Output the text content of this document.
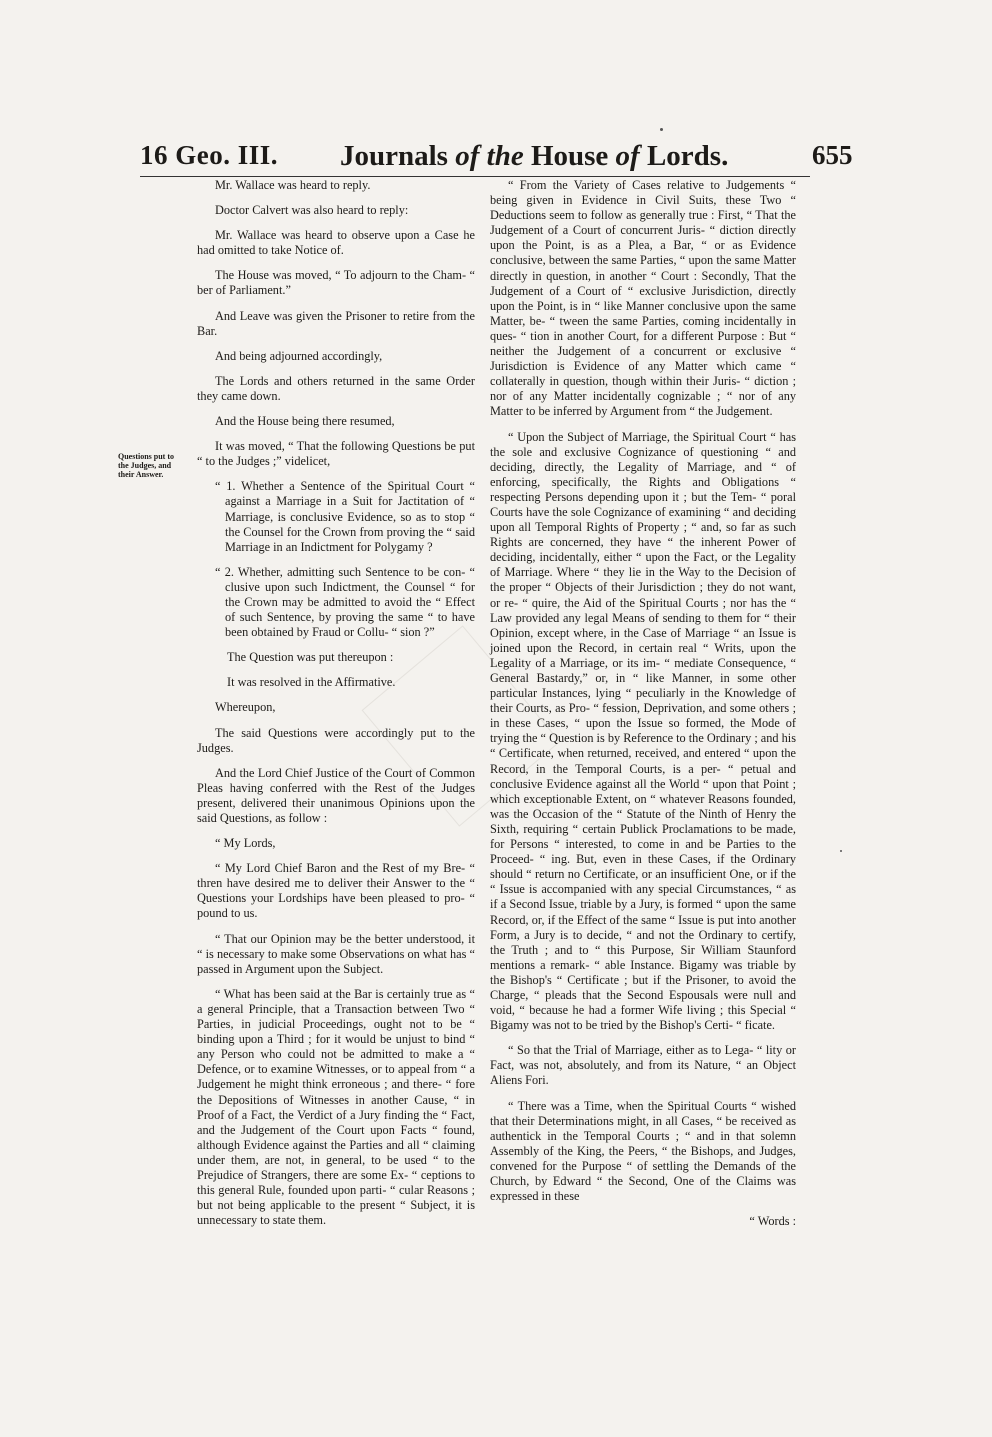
16 Geo. III. Journals of the House of Lords.	655
Questions put to the Judges, and their Answer.

Mr. Wallace was heard to reply.

Doctor Calvert was also heard to reply:

Mr. Wallace was heard to observe upon a Case he had omitted to take Notice of.

The House was moved, “ To adjourn to the Cham- “ ber of Parliament.”

And Leave was given the Prisoner to retire from the Bar.

And being adjourned accordingly,

The Lords and others returned in the same Order they came down.

And the House being there resumed,

It was moved, “ That the following Questions be put “ to the Judges ;” videlicet,

“ 1. Whether a Sentence of the Spiritual Court “ against a Marriage in a Suit for Jactitation of “ Marriage, is conclusive Evidence, so as to stop “ the Counsel for the Crown from proving the “ said Marriage in an Indictment for Polygamy ?

“ 2. Whether, admitting such Sentence to be con- “ clusive upon such Indictment, the Counsel “ for the Crown may be admitted to avoid the “ Effect of such Sentence, by proving the same “ to have been obtained by Fraud or Collu- “ sion ?”

The Question was put thereupon :

It was resolved in the Affirmative.

Whereupon,

The said Questions were accordingly put to the Judges.

And the Lord Chief Justice of the Court of Common Pleas having conferred with the Rest of the Judges present, delivered their unanimous Opinions upon the said Questions, as follow :

“ My Lords,

“ My Lord Chief Baron and the Rest of my Bre- “ thren have desired me to deliver their Answer to the “ Questions your Lordships have been pleased to pro- “ pound to us.

“ That our Opinion may be the better understood, it “ is necessary to make some Observations on what has “ passed in Argument upon the Subject.

“ What has been said at the Bar is certainly true as “ a general Principle, that a Transaction between Two “ Parties, in judicial Proceedings, ought not to be “ binding upon a Third ; for it would be unjust to bind “ any Person who could not be admitted to make a “ Defence, or to examine Witnesses, or to appeal from “ a Judgement he might think erroneous ; and there- “ fore the Depositions of Witnesses in another Cause, “ in Proof of a Fact, the Verdict of a Jury finding the “ Fact, and the Judgement of the Court upon Facts “ found, although Evidence against the Parties and all “ claiming under them, are not, in general, to be used “ to the Prejudice of Strangers, there are some Ex- “ ceptions to this general Rule, founded upon parti- “ cular Reasons ; but not being applicable to the present “ Subject, it is unnecessary to state them.

“ From the Variety of Cases relative to Judgements “ being given in Evidence in Civil Suits, these Two “ Deductions seem to follow as generally true : First, “ That the Judgement of a Court of concurrent Juris- “ diction directly upon the Point, is as a Plea, a Bar, “ or as Evidence conclusive, between the same Parties, “ upon the same Matter directly in question, in another “ Court : Secondly, That the Judgement of a Court of “ exclusive Jurisdiction, directly upon the Point, is in “ like Manner conclusive upon the same Matter, be- “ tween the same Parties, coming incidentally in ques- “ tion in another Court, for a different Purpose : But “ neither the Judgement of a concurrent or exclusive “ Jurisdiction is Evidence of any Matter which came “ collaterally in question, though within their Juris- “ diction ; nor of any Matter incidentally cognizable ; “ nor of any Matter to be inferred by Argument from “ the Judgement.

“ Upon the Subject of Marriage, the Spiritual Court “ has the sole and exclusive Cognizance of questioning “ and deciding, directly, the Legality of Marriage, and “ of enforcing, specifically, the Rights and Obligations “ respecting Persons depending upon it ; but the Tem- “ poral Courts have the sole Cognizance of examining “ and deciding upon all Temporal Rights of Property ; “ and, so far as such Rights are concerned, they have “ the inherent Power of deciding, incidentally, either “ upon the Fact, or the Legality of Marriage. Where “ they lie in the Way to the Decision of the proper “ Objects of their Jurisdiction ; they do not want, or re- “ quire, the Aid of the Spiritual Courts ; nor has the “ Law provided any legal Means of sending to them for “ their Opinion, except where, in the Case of Marriage “ an Issue is joined upon the Record, in certain real “ Writs, upon the Legality of a Marriage, or its im- “ mediate Consequence, “ General Bastardy,” or, in “ like Manner, in some other particular Instances, lying “ peculiarly in the Knowledge of their Courts, as Pro- “ fession, Deprivation, and some others ; in these Cases, “ upon the Issue so formed, the Mode of trying the “ Question is by Reference to the Ordinary ; and his “ Certificate, when returned, received, and entered “ upon the Record, in the Temporal Courts, is a per- “ petual and conclusive Evidence against all the World “ upon that Point ; which exceptionable Extent, on “ whatever Reasons founded, was the Occasion of the “ Statute of the Ninth of Henry the Sixth, requiring “ certain Publick Proclamations to be made, for Persons “ interested, to come in and be Parties to the Proceed- “ ing. But, even in these Cases, if the Ordinary should “ return no Certificate, or an insufficient One, or if the “ Issue is accompanied with any special Circumstances, “ as if a Second Issue, triable by a Jury, is formed “ upon the same Record, or, if the Effect of the same “ Issue is put into another Form, a Jury is to decide, “ and not the Ordinary to certify, the Truth ; and to “ this Purpose, Sir William Staunford mentions a remark- “ able Instance. Bigamy was triable by the Bishop's “ Certificate ; but if the Prisoner, to avoid the Charge, “ pleads that the Second Espousals were null and void, “ because he had a former Wife living ; this Special “ Bigamy was not to be tried by the Bishop's Certi- “ ficate.

“ So that the Trial of Marriage, either as to Lega- “ lity or Fact, was not, absolutely, and from its Nature, “ an Object Aliens Fori.

“ There was a Time, when the Spiritual Courts “ wished that their Determinations might, in all Cases, “ be received as authentick in the Temporal Courts ; “ and in that solemn Assembly of the King, the Peers, “ the Bishops, and Judges, convened for the Purpose “ of settling the Demands of the Church, by Edward “ the Second, One of the Claims was expressed in these

“ Words :
